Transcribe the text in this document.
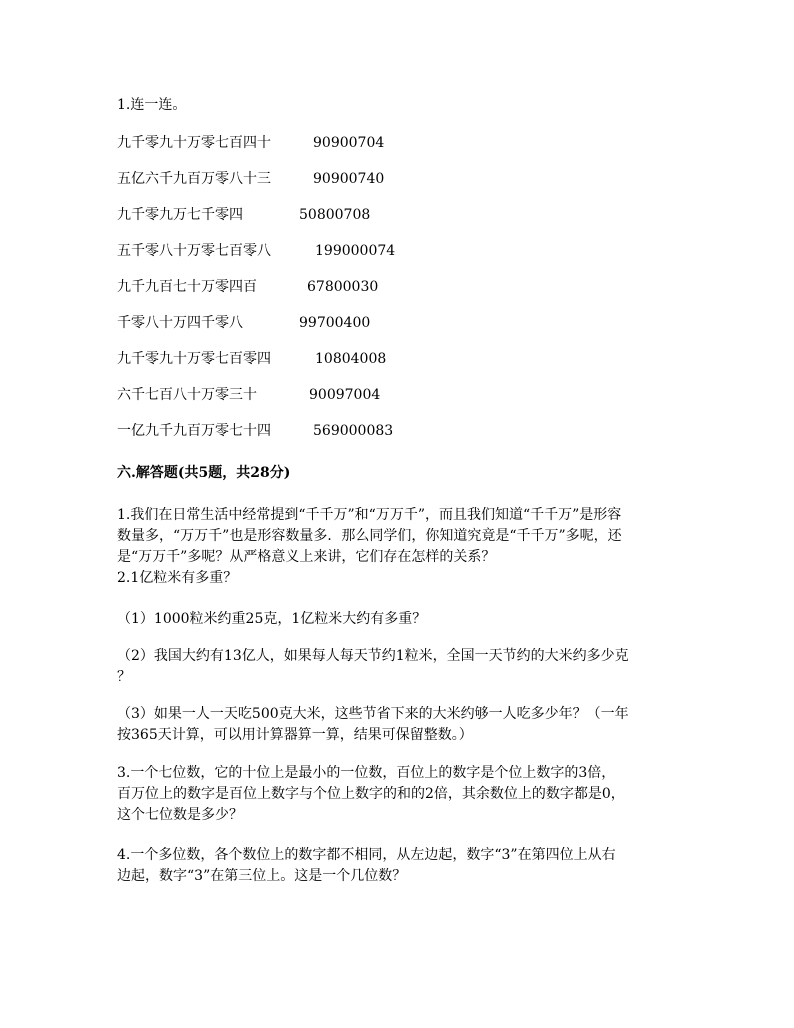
1.连一连。
九千零九十万零七百四十	90900704
五亿六千九百万零八十三	90900740
九千零九万七千零四	50800708
五千零八十万零七百零八	199000074
九千九百七十万零四百	67800030
千零八十万四千零八	99700400
九千零九十万零七百零四	10804008
六千七百八十万零三十	90097004
一亿九千九百万零七十四	569000083
六.解答题(共5题，共28分)
1.我们在日常生活中经常提到“千千万”和“万万千”，而且我们知道“千千万”是形容
数量多，“万万千”也是形容数量多．那么同学们，你知道究竟是“千千万”多呢，还
是“万万千”多呢？从严格意义上来讲，它们存在怎样的关系？
2.1亿粒米有多重？
（1）1000粒米约重25克，1亿粒米大约有多重？
（2）我国大约有13亿人，如果每人每天节约1粒米，全国一天节约的大米约多少克
？
（3）如果一人一天吃500克大米，这些节省下来的大米约够一人吃多少年？（一年
按365天计算，可以用计算器算一算，结果可保留整数。）
3.一个七位数，它的十位上是最小的一位数，百位上的数字是个位上数字的3倍，
百万位上的数字是百位上数字与个位上数字的和的2倍，其余数位上的数字都是0，
这个七位数是多少？
4.一个多位数，各个数位上的数字都不相同，从左边起，数字“3”在第四位上从右
边起，数字“3”在第三位上。这是一个几位数？
